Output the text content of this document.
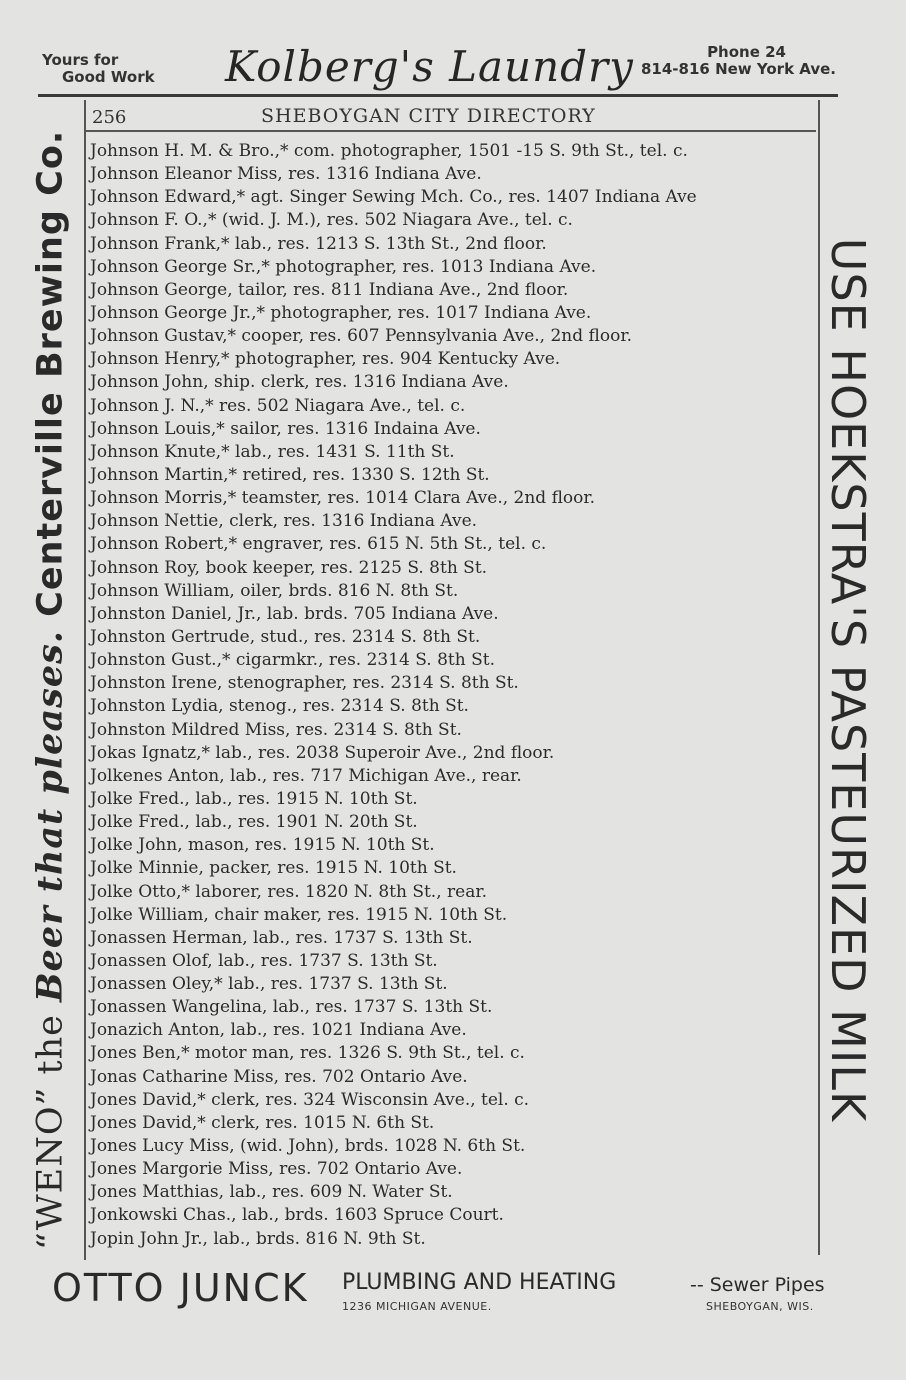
Yours for
Good Work Kolberg's Laundry	Phone 24
814-816 New York Ave.
“WENO” the Beer that pleases. Centerville Brewing Co.	USE HOEKSTRA'S PASTEURIZED MILK
256	SHEBOYGAN CITY DIRECTORY
Johnson H. M. & Bro.,* com. photographer, 1501 -15 S. 9th St., tel. c.
Johnson Eleanor Miss, res. 1316 Indiana Ave.
Johnson Edward,* agt. Singer Sewing Mch. Co., res. 1407 Indiana Ave
Johnson F. O.,* (wid. J. M.), res. 502 Niagara Ave., tel. c.
Johnson Frank,* lab., res. 1213 S. 13th St., 2nd floor.
Johnson George Sr.,* photographer, res. 1013 Indiana Ave.
Johnson George, tailor, res. 811 Indiana Ave., 2nd floor.
Johnson George Jr.,* photographer, res. 1017 Indiana Ave.
Johnson Gustav,* cooper, res. 607 Pennsylvania Ave., 2nd floor.
Johnson Henry,* photographer, res. 904 Kentucky Ave.
Johnson John, ship. clerk, res. 1316 Indiana Ave.
Johnson J. N.,* res. 502 Niagara Ave., tel. c.
Johnson Louis,* sailor, res. 1316 Indaina Ave.
Johnson Knute,* lab., res. 1431 S. 11th St.
Johnson Martin,* retired, res. 1330 S. 12th St.
Johnson Morris,* teamster, res. 1014 Clara Ave., 2nd floor.
Johnson Nettie, clerk, res. 1316 Indiana Ave.
Johnson Robert,* engraver, res. 615 N. 5th St., tel. c.
Johnson Roy, book keeper, res. 2125 S. 8th St.
Johnson William, oiler, brds. 816 N. 8th St.
Johnston Daniel, Jr., lab. brds. 705 Indiana Ave.
Johnston Gertrude, stud., res. 2314 S. 8th St.
Johnston Gust.,* cigarmkr., res. 2314 S. 8th St.
Johnston Irene, stenographer, res. 2314 S. 8th St.
Johnston Lydia, stenog., res. 2314 S. 8th St.
Johnston Mildred Miss, res. 2314 S. 8th St.
Jokas Ignatz,* lab., res. 2038 Superoir Ave., 2nd floor.
Jolkenes Anton, lab., res. 717 Michigan Ave., rear.
Jolke Fred., lab., res. 1915 N. 10th St.
Jolke Fred., lab., res. 1901 N. 20th St.
Jolke John, mason, res. 1915 N. 10th St.
Jolke Minnie, packer, res. 1915 N. 10th St.
Jolke Otto,* laborer, res. 1820 N. 8th St., rear.
Jolke William, chair maker, res. 1915 N. 10th St.
Jonassen Herman, lab., res. 1737 S. 13th St.
Jonassen Olof, lab., res. 1737 S. 13th St.
Jonassen Oley,* lab., res. 1737 S. 13th St.
Jonassen Wangelina, lab., res. 1737 S. 13th St.
Jonazich Anton, lab., res. 1021 Indiana Ave.
Jones Ben,* motor man, res. 1326 S. 9th St., tel. c.
Jonas Catharine Miss, res. 702 Ontario Ave.
Jones David,* clerk, res. 324 Wisconsin Ave., tel. c.
Jones David,* clerk, res. 1015 N. 6th St.
Jones Lucy Miss, (wid. John), brds. 1028 N. 6th St.
Jones Margorie Miss, res. 702 Ontario Ave.
Jones Matthias, lab., res. 609 N. Water St.
Jonkowski Chas., lab., brds. 1603 Spruce Court.
Jopin John Jr., lab., brds. 816 N. 9th St.
OTTO JUNCK PLUMBING AND HEATING	-- Sewer Pipes
1236 MICHIGAN AVENUE.	SHEBOYGAN, WIS.
